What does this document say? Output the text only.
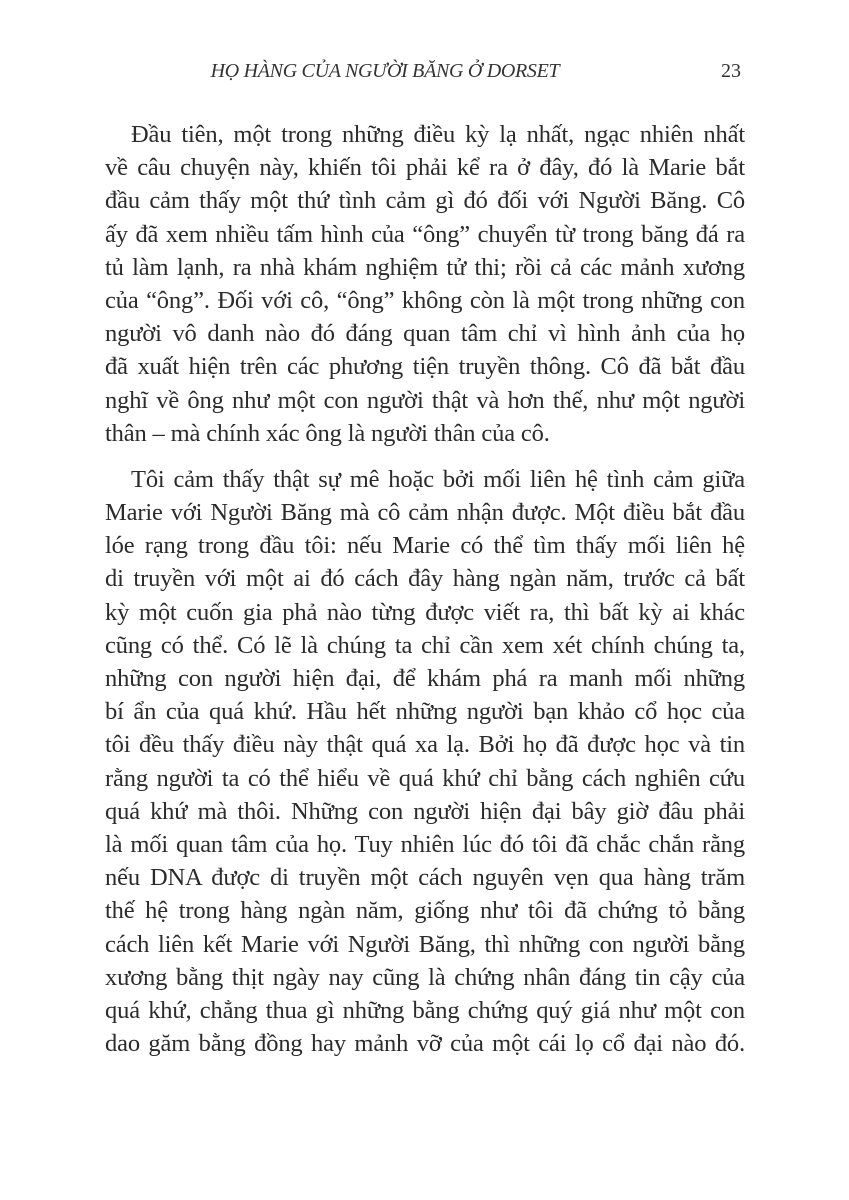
HỌ HÀNG CỦA NGƯỜI BĂNG Ở DORSET	23
Đầu tiên, một trong những điều kỳ lạ nhất, ngạc nhiên nhất
về câu chuyện này, khiến tôi phải kể ra ở đây, đó là Marie bắt
đầu cảm thấy một thứ tình cảm gì đó đối với Người Băng. Cô
ấy đã xem nhiều tấm hình của “ông” chuyển từ trong băng đá ra
tủ làm lạnh, ra nhà khám nghiệm tử thi; rồi cả các mảnh xương
của “ông”. Đối với cô, “ông” không còn là một trong những con
người vô danh nào đó đáng quan tâm chỉ vì hình ảnh của họ
đã xuất hiện trên các phương tiện truyền thông. Cô đã bắt đầu
nghĩ về ông như một con người thật và hơn thế, như một người
thân – mà chính xác ông là người thân của cô.
Tôi cảm thấy thật sự mê hoặc bởi mối liên hệ tình cảm giữa
Marie với Người Băng mà cô cảm nhận được. Một điều bắt đầu
lóe rạng trong đầu tôi: nếu Marie có thể tìm thấy mối liên hệ
di truyền với một ai đó cách đây hàng ngàn năm, trước cả bất
kỳ một cuốn gia phả nào từng được viết ra, thì bất kỳ ai khác
cũng có thể. Có lẽ là chúng ta chỉ cần xem xét chính chúng ta,
những con người hiện đại, để khám phá ra manh mối những
bí ẩn của quá khứ. Hầu hết những người bạn khảo cổ học của
tôi đều thấy điều này thật quá xa lạ. Bởi họ đã được học và tin
rằng người ta có thể hiểu về quá khứ chỉ bằng cách nghiên cứu
quá khứ mà thôi. Những con người hiện đại bây giờ đâu phải
là mối quan tâm của họ. Tuy nhiên lúc đó tôi đã chắc chắn rằng
nếu DNA được di truyền một cách nguyên vẹn qua hàng trăm
thế hệ trong hàng ngàn năm, giống như tôi đã chứng tỏ bằng
cách liên kết Marie với Người Băng, thì những con người bằng
xương bằng thịt ngày nay cũng là chứng nhân đáng tin cậy của
quá khứ, chẳng thua gì những bằng chứng quý giá như một con
dao găm bằng đồng hay mảnh vỡ của một cái lọ cổ đại nào đó.
